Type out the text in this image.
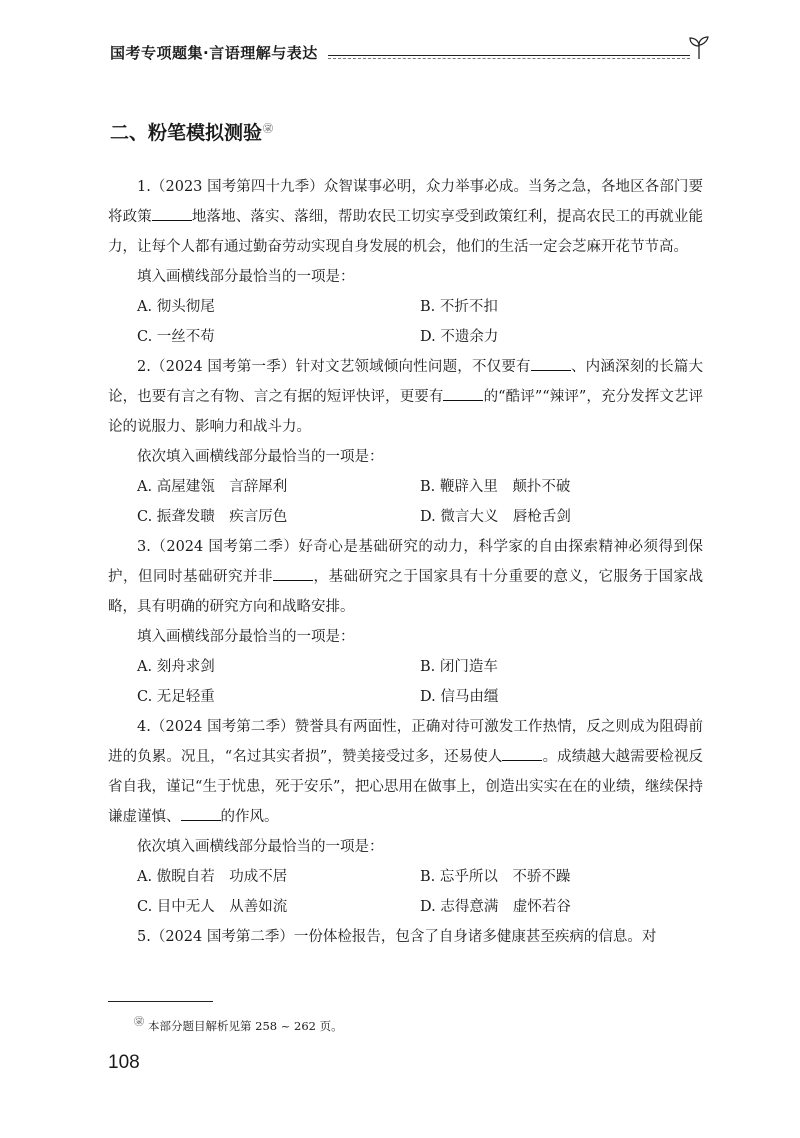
国考专项题集·言语理解与表达
二、粉笔模拟测验㊪

1.（2023 国考第四十九季）众智谋事必明，众力举事必成。当务之急，各地区各部门要将政策	地落地、落实、落细，帮助农民工切实享受到政策红利，提高农民工的再就业能力，让每个人都有通过勤奋劳动实现自身发展的机会，他们的生活一定会芝麻开花节节高。

填入画横线部分最恰当的一项是：

A. 彻头彻尾	B. 不折不扣
C. 一丝不苟	D. 不遗余力

2.（2024 国考第一季）针对文艺领域倾向性问题，不仅要有	、内涵深刻的长篇大论，也要有言之有物、言之有据的短评快评，更要有	的“酷评”“辣评”，充分发挥文艺评论的说服力、影响力和战斗力。

依次填入画横线部分最恰当的一项是：

A. 高屋建瓴　言辞犀利	B. 鞭辟入里　颠扑不破
C. 振聋发聩　疾言厉色	D. 微言大义　唇枪舌剑

3.（2024 国考第二季）好奇心是基础研究的动力，科学家的自由探索精神必须得到保护，但同时基础研究并非	，基础研究之于国家具有十分重要的意义，它服务于国家战略，具有明确的研究方向和战略安排。

填入画横线部分最恰当的一项是：

A. 刻舟求剑	B. 闭门造车
C. 无足轻重	D. 信马由缰

4.（2024 国考第二季）赞誉具有两面性，正确对待可激发工作热情，反之则成为阻碍前进的负累。况且，“名过其实者损”，赞美接受过多，还易使人	。成绩越大越需要检视反省自我，谨记“生于忧患，死于安乐”，把心思用在做事上，创造出实实在在的业绩，继续保持谦虚谨慎、	的作风。

依次填入画横线部分最恰当的一项是：

A. 傲睨自若　功成不居	B. 忘乎所以　不骄不躁
C. 目中无人　从善如流	D. 志得意满　虚怀若谷

5.（2024 国考第二季）一份体检报告，包含了自身诸多健康甚至疾病的信息。对

㊪ 本部分题目解析见第 258 ~ 262 页。
108
